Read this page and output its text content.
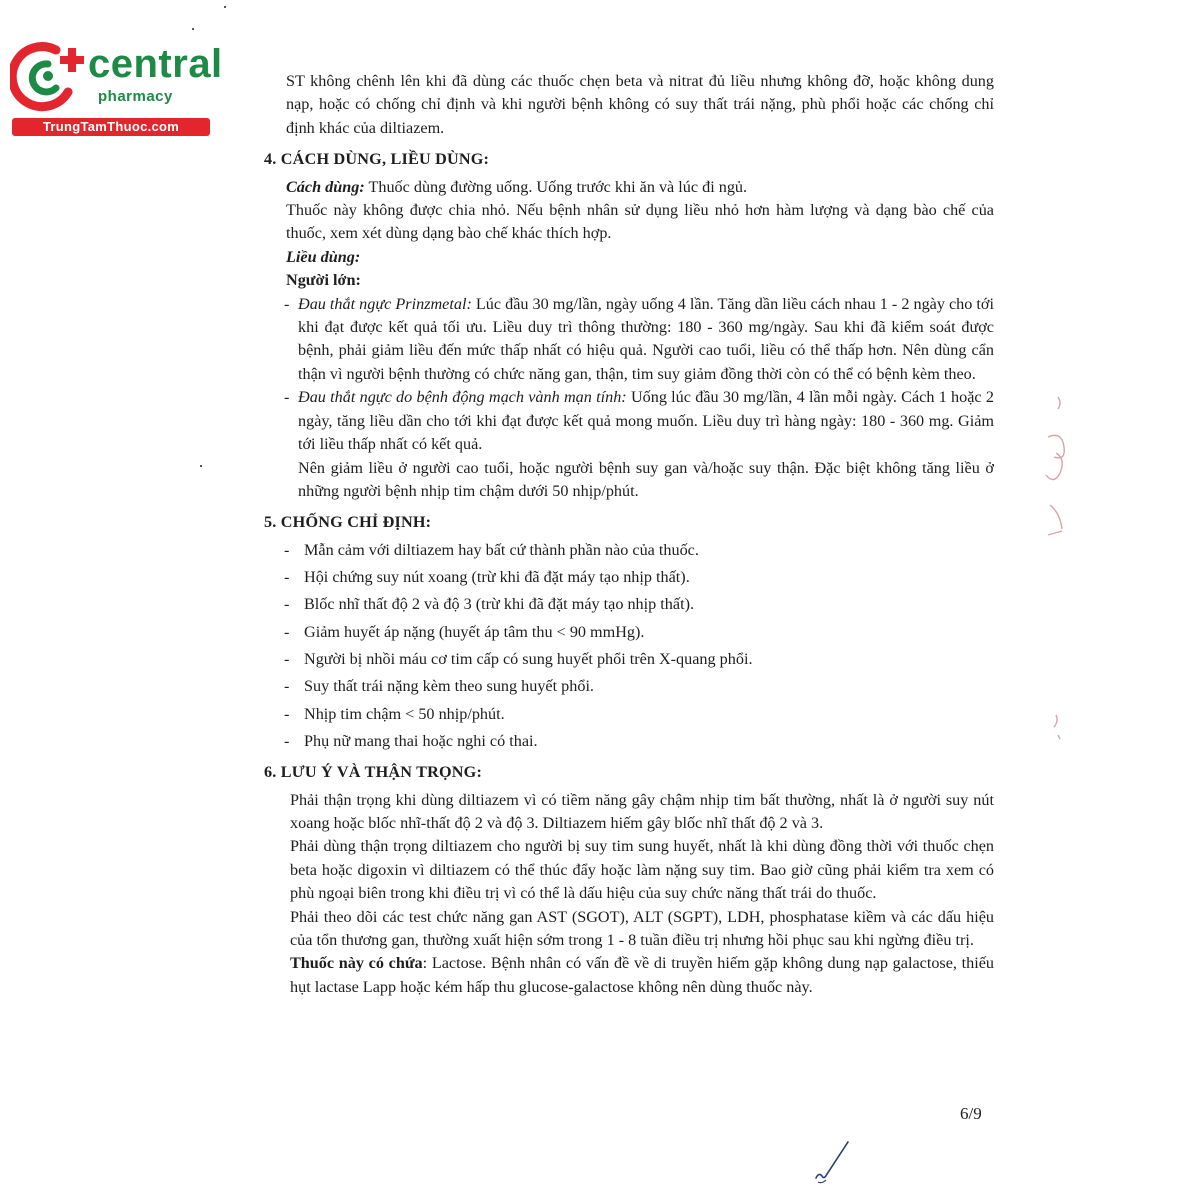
central
pharmacy
TrungTamThuoc.com

ST không chênh lên khi đã dùng các thuốc chẹn beta và nitrat đủ liều nhưng không đỡ, hoặc không dung nạp, hoặc có chống chỉ định và khi người bệnh không có suy thất trái nặng, phù phổi hoặc các chống chỉ định khác của diltiazem.

4. CÁCH DÙNG, LIỀU DÙNG:

Cách dùng: Thuốc dùng đường uống. Uống trước khi ăn và lúc đi ngủ.

Thuốc này không được chia nhỏ. Nếu bệnh nhân sử dụng liều nhỏ hơn hàm lượng và dạng bào chế của thuốc, xem xét dùng dạng bào chế khác thích hợp.

Liều dùng:

Người lớn:

- Đau thắt ngực Prinzmetal: Lúc đầu 30 mg/lần, ngày uống 4 lần. Tăng dần liều cách nhau 1 - 2 ngày cho tới khi đạt được kết quả tối ưu. Liều duy trì thông thường: 180 - 360 mg/ngày. Sau khi đã kiểm soát được bệnh, phải giảm liều đến mức thấp nhất có hiệu quả. Người cao tuổi, liều có thể thấp hơn. Nên dùng cẩn thận vì người bệnh thường có chức năng gan, thận, tim suy giảm đồng thời còn có thể có bệnh kèm theo.

- Đau thắt ngực do bệnh động mạch vành mạn tính: Uống lúc đầu 30 mg/lần, 4 lần mỗi ngày. Cách 1 hoặc 2 ngày, tăng liều dần cho tới khi đạt được kết quả mong muốn. Liều duy trì hàng ngày: 180 - 360 mg. Giảm tới liều thấp nhất có kết quả.

Nên giảm liều ở người cao tuổi, hoặc người bệnh suy gan và/hoặc suy thận. Đặc biệt không tăng liều ở những người bệnh nhịp tim chậm dưới 50 nhịp/phút.

5. CHỐNG CHỈ ĐỊNH:
- Mẫn cảm với diltiazem hay bất cứ thành phần nào của thuốc.
- Hội chứng suy nút xoang (trừ khi đã đặt máy tạo nhịp thất).
- Blốc nhĩ thất độ 2 và độ 3 (trừ khi đã đặt máy tạo nhịp thất).
- Giảm huyết áp nặng (huyết áp tâm thu < 90 mmHg).
- Người bị nhồi máu cơ tim cấp có sung huyết phổi trên X-quang phổi.
- Suy thất trái nặng kèm theo sung huyết phổi.
- Nhịp tim chậm < 50 nhịp/phút.
- Phụ nữ mang thai hoặc nghi có thai.
6. LƯU Ý VÀ THẬN TRỌNG:

Phải thận trọng khi dùng diltiazem vì có tiềm năng gây chậm nhịp tim bất thường, nhất là ở người suy nút xoang hoặc blốc nhĩ-thất độ 2 và độ 3. Diltiazem hiếm gây blốc nhĩ thất độ 2 và 3.

Phải dùng thận trọng diltiazem cho người bị suy tim sung huyết, nhất là khi dùng đồng thời với thuốc chẹn beta hoặc digoxin vì diltiazem có thể thúc đẩy hoặc làm nặng suy tim. Bao giờ cũng phải kiểm tra xem có phù ngoại biên trong khi điều trị vì có thể là dấu hiệu của suy chức năng thất trái do thuốc.

Phải theo dõi các test chức năng gan AST (SGOT), ALT (SGPT), LDH, phosphatase kiềm và các dấu hiệu của tổn thương gan, thường xuất hiện sớm trong 1 - 8 tuần điều trị nhưng hồi phục sau khi ngừng điều trị.

Thuốc này có chứa: Lactose. Bệnh nhân có vấn đề về di truyền hiếm gặp không dung nạp galactose, thiếu hụt lactase Lapp hoặc kém hấp thu glucose-galactose không nên dùng thuốc này.

6/9
